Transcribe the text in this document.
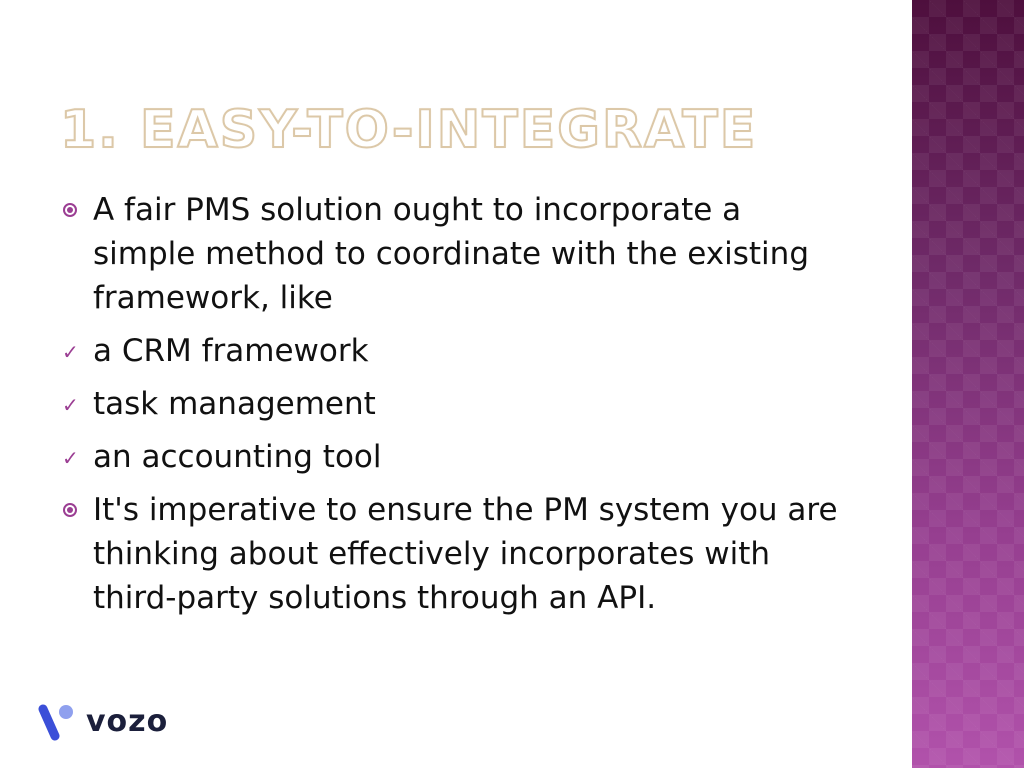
1. EASY-TO-INTEGRATE
A fair PMS solution ought to incorporate a simple method to coordinate with the existing framework, like
✓ a CRM framework
✓ task management
✓ an accounting tool
It's imperative to ensure the PM system you are thinking about effectively incorporates with third-party solutions through an API.
vozo
